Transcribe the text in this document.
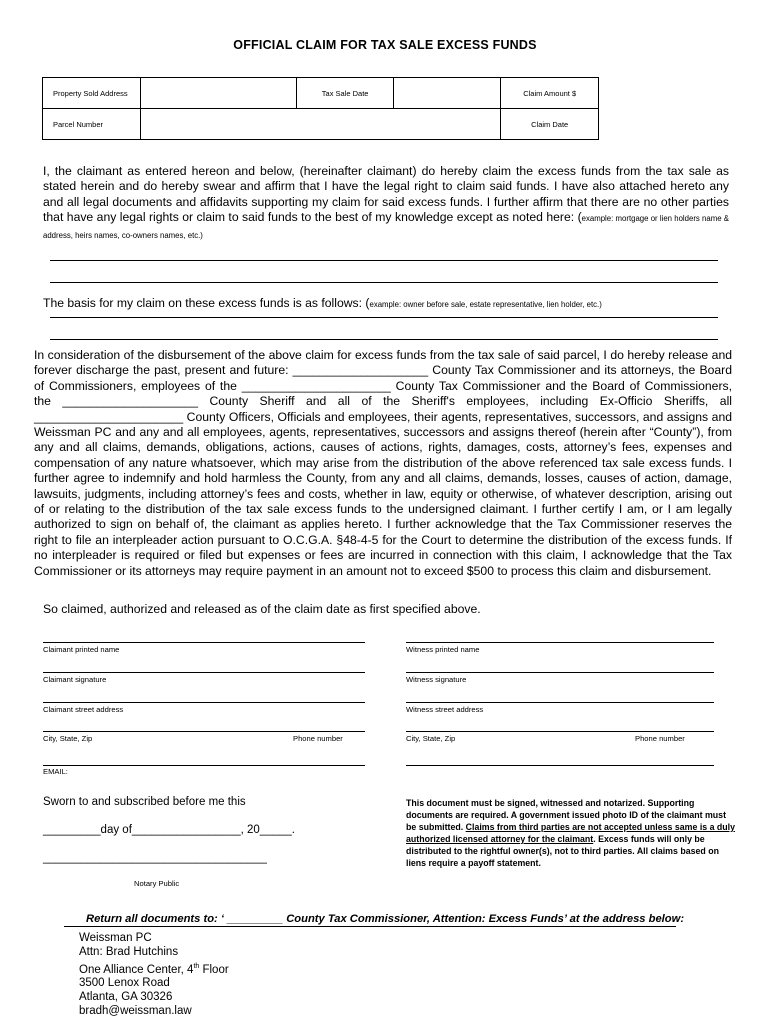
OFFICIAL CLAIM FOR TAX SALE EXCESS FUNDS
Property Sold Address		Tax Sale Date		Claim Amount $
Parcel Number				Claim Date
I, the claimant as entered hereon and below, (hereinafter claimant) do hereby claim the excess funds from the tax sale as stated herein and do hereby swear and affirm that I have the legal right to claim said funds. I have also attached hereto any and all legal documents and affidavits supporting my claim for said excess funds. I further affirm that there are no other parties that have any legal rights or claim to said funds to the best of my knowledge except as noted here: (example: mortgage or lien holders name & address, heirs names, co-owners names, etc.)
The basis for my claim on these excess funds is as follows: (example: owner before sale, estate representative, lien holder, etc.)
In consideration of the disbursement of the above claim for excess funds from the tax sale of said parcel, I do hereby release and forever discharge the past, present and future: ____________________ County Tax Commissioner and its attorneys, the Board of Commissioners, employees of the ______________________ County Tax Commissioner and the Board of Commissioners, the ____________________ County Sheriff and all of the Sheriff's employees, including Ex-Officio Sheriffs, all ______________________ County Officers, Officials and employees, their agents, representatives, successors, and assigns and Weissman PC and any and all employees, agents, representatives, successors and assigns thereof (herein after “County”), from any and all claims, demands, obligations, actions, causes of actions, rights, damages, costs, attorney’s fees, expenses and compensation of any nature whatsoever, which may arise from the distribution of the above referenced tax sale excess funds. I further agree to indemnify and hold harmless the County, from any and all claims, demands, losses, causes of action, damage, lawsuits, judgments, including attorney’s fees and costs, whether in law, equity or otherwise, of whatever description, arising out of or relating to the distribution of the tax sale excess funds to the undersigned claimant. I further certify I am, or I am legally authorized to sign on behalf of, the claimant as applies hereto. I further acknowledge that the Tax Commissioner reserves the right to file an interpleader action pursuant to O.C.G.A. §48-4-5 for the Court to determine the distribution of the excess funds. If no interpleader is required or filed but expenses or fees are incurred in connection with this claim, I acknowledge that the Tax Commissioner or its attorneys may require payment in an amount not to exceed $500 to process this claim and disbursement.
So claimed, authorized and released as of the claim date as first specified above.
Claimant printed name
Claimant signature
Claimant street address
City, State, Zip	Phone number
EMAIL:
Witness printed name
Witness signature
Witness street address
City, State, Zip	Phone number
Sworn to and subscribed before me this
_________day of_________________, 20_____.
___________________________________
Notary Public
This document must be signed, witnessed and notarized. Supporting documents are required. A government issued photo ID of the claimant must be submitted. Claims from third parties are not accepted unless same is a duly authorized licensed attorney for the claimant. Excess funds will only be distributed to the rightful owner(s), not to third parties. All claims based on liens require a payoff statement.
Return all documents to: ‘ _________ County Tax Commissioner, Attention: Excess Funds’ at the address below:
Weissman PC
Attn: Brad Hutchins
One Alliance Center, 4th Floor
3500 Lenox Road
Atlanta, GA 30326
bradh@weissman.law
